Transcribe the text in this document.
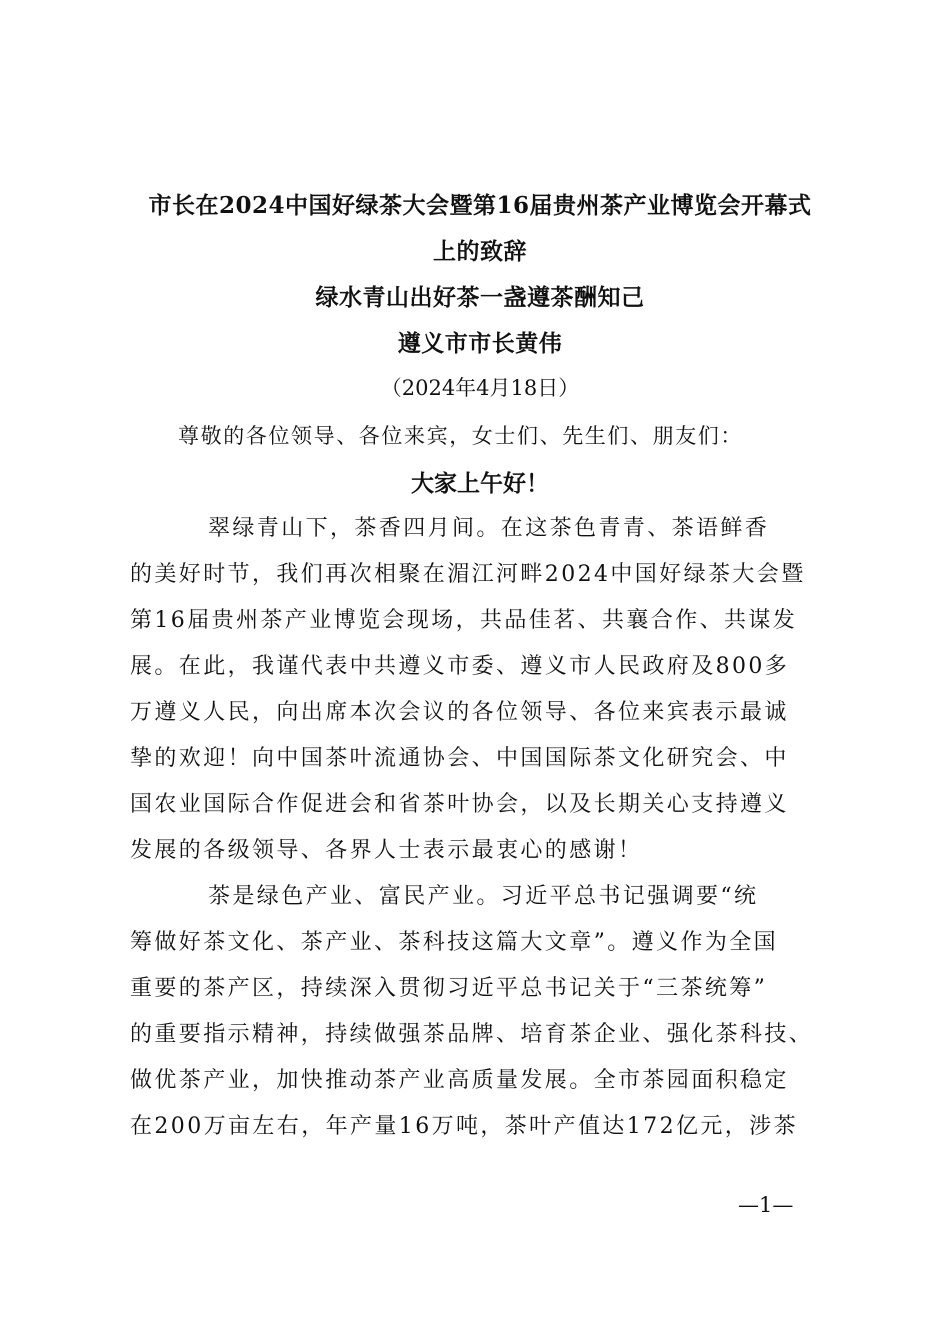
市长在2024中国好绿茶大会暨第16届贵州茶产业博览会开幕式
上的致辞
绿水青山出好茶一盏遵茶酬知己
遵义市市长黄伟
（2024年4月18日）
尊敬的各位领导、各位来宾，女士们、先生们、朋友们：
大家上午好！
翠绿青山下，茶香四月间。在这茶色青青、茶语鲜香
的美好时节，我们再次相聚在湄江河畔2024中国好绿茶大会暨
第16届贵州茶产业博览会现场，共品佳茗、共襄合作、共谋发
展。在此，我谨代表中共遵义市委、遵义市人民政府及800多
万遵义人民，向出席本次会议的各位领导、各位来宾表示最诚
挚的欢迎！向中国茶叶流通协会、中国国际茶文化研究会、中
国农业国际合作促进会和省茶叶协会，以及长期关心支持遵义
发展的各级领导、各界人士表示最衷心的感谢！
茶是绿色产业、富民产业。习近平总书记强调要“统
筹做好茶文化、茶产业、茶科技这篇大文章”。遵义作为全国
重要的茶产区，持续深入贯彻习近平总书记关于“三茶统筹”
的重要指示精神，持续做强茶品牌、培育茶企业、强化茶科技、
做优茶产业，加快推动茶产业高质量发展。全市茶园面积稳定
在200万亩左右，年产量16万吨，茶叶产值达172亿元，涉茶
—1—
